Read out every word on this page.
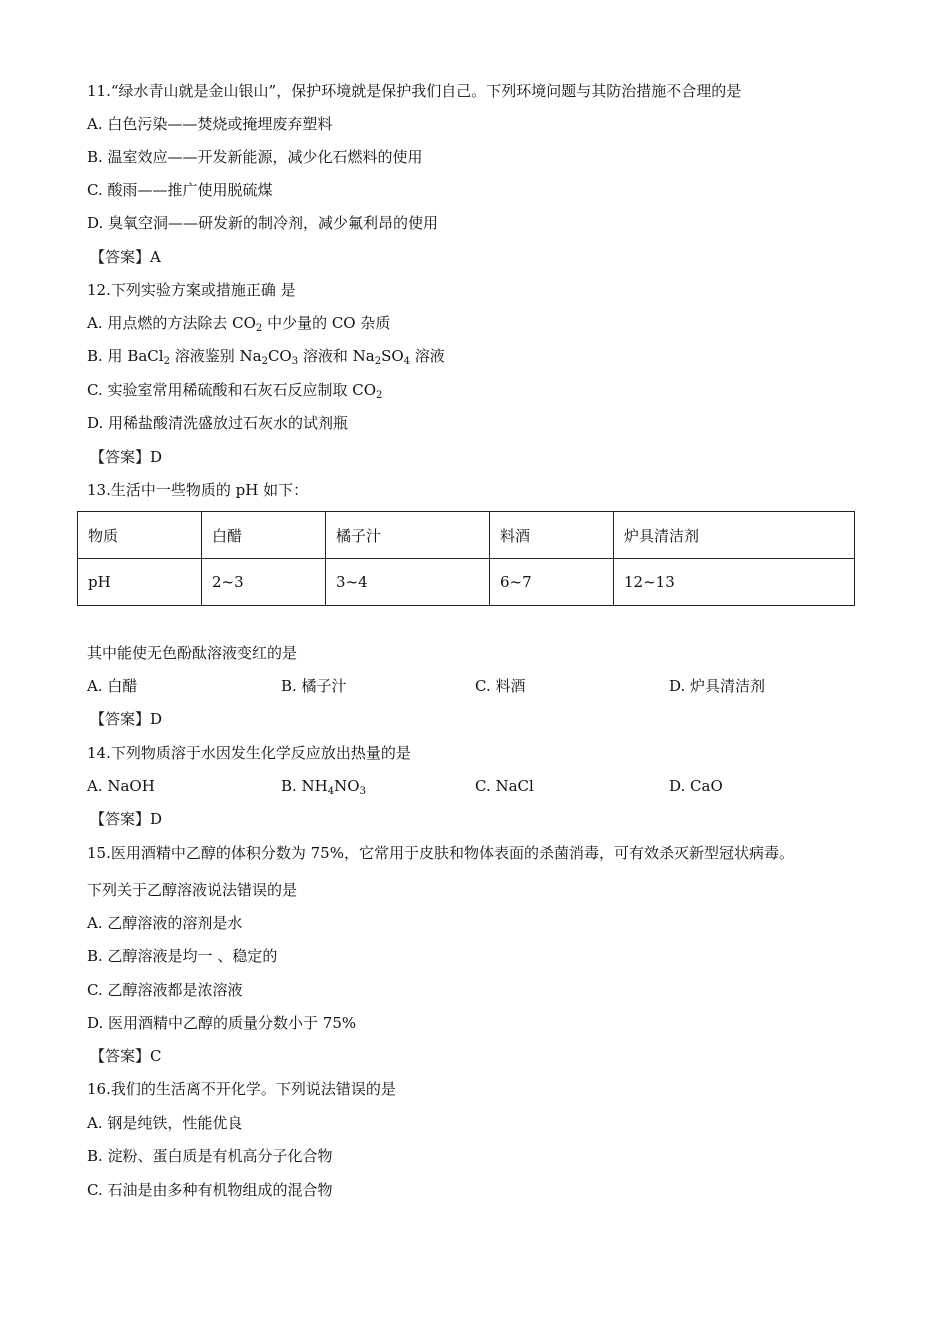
11.“绿水青山就是金山银山”，保护环境就是保护我们自己。下列环境问题与其防治措施不合理的是
A. 白色污染——焚烧或掩埋废弃塑料
B. 温室效应——开发新能源，减少化石燃料的使用
C. 酸雨——推广使用脱硫煤
D. 臭氧空洞——研发新的制冷剂，减少氟利昂的使用
【答案】A
12.下列实验方案或措施正确 是
A. 用点燃的方法除去 $CO_2$ 中少量的 CO 杂质
B. 用 BaCl$_2$ 溶液鉴别 $Na_2CO_3$ 溶液和 $Na_2SO_4$ 溶液
C. 实验室常用稀硫酸和石灰石反应制取 $CO_2$
D. 用稀盐酸清洗盛放过石灰水的试剂瓶
【答案】D
13.生活中一些物质的 pH 如下：
物质	白醋	橘子汁	料酒	炉具清洁剂
pH	2~3	3~4	6~7	12~13
其中能使无色酚酞溶液变红的是
A. 白醋	B. 橘子汁	C. 料酒	D. 炉具清洁剂
【答案】D
14.下列物质溶于水因发生化学反应放出热量的是
A. NaOH	B. $NH_4NO_3$	C. NaCl	D. CaO
【答案】D
15.医用酒精中乙醇的体积分数为 75%，它常用于皮肤和物体表面的杀菌消毒，可有效杀灭新型冠状病毒。
下列关于乙醇溶液说法错误的是
A. 乙醇溶液的溶剂是水
B. 乙醇溶液是均一 、稳定的
C. 乙醇溶液都是浓溶液
D. 医用酒精中乙醇的质量分数小于 75%
【答案】C
16.我们的生活离不开化学。下列说法错误的是
A. 钢是纯铁，性能优良
B. 淀粉、蛋白质是有机高分子化合物
C. 石油是由多种有机物组成的混合物
